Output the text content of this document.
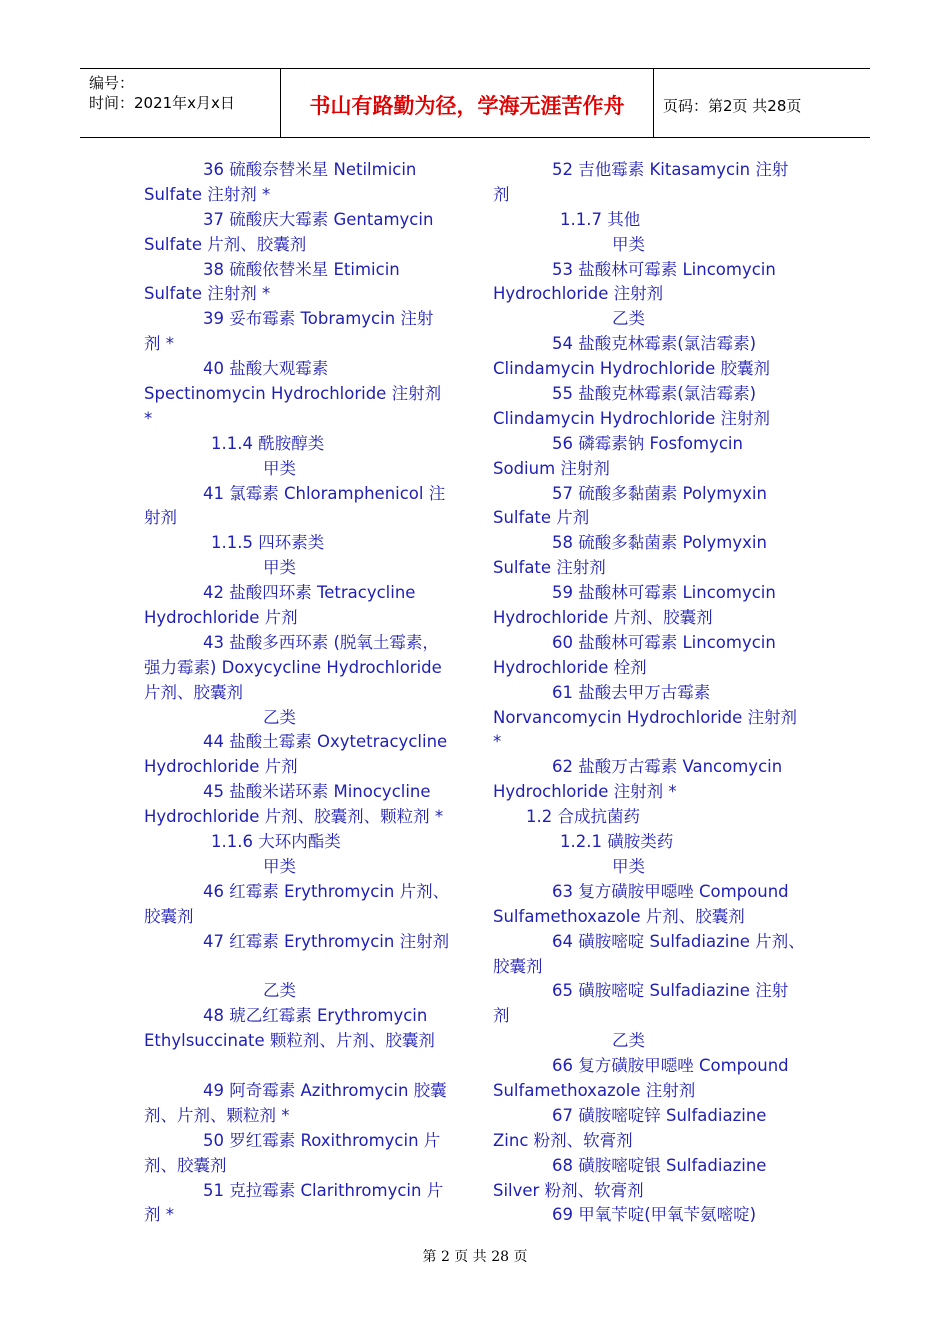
编号：
时间：2021年x月x日	书山有路勤为径，学海无涯苦作舟	页码：第2页 共28页
36 硫酸奈替米星 Netilmicin
Sulfate 注射剂 *
37 硫酸庆大霉素 Gentamycin
Sulfate 片剂、胶囊剂
38 硫酸依替米星 Etimicin
Sulfate 注射剂 *
39 妥布霉素 Tobramycin 注射
剂 *
40 盐酸大观霉素
Spectinomycin Hydrochloride 注射剂
*
1.1.4 酰胺醇类
甲类
41 氯霉素 Chloramphenicol 注
射剂
1.1.5 四环素类
甲类
42 盐酸四环素 Tetracycline
Hydrochloride 片剂
43 盐酸多西环素 (脱氧土霉素，
强力霉素) Doxycycline Hydrochloride
片剂、胶囊剂
乙类
44 盐酸土霉素 Oxytetracycline
Hydrochloride 片剂
45 盐酸米诺环素 Minocycline
Hydrochloride 片剂、胶囊剂、颗粒剂 *
1.1.6 大环内酯类
甲类
46 红霉素 Erythromycin 片剂、
胶囊剂
47 红霉素 Erythromycin 注射剂
乙类
48 琥乙红霉素 Erythromycin
Ethylsuccinate 颗粒剂、片剂、胶囊剂
49 阿奇霉素 Azithromycin 胶囊
剂、片剂、颗粒剂 *
50 罗红霉素 Roxithromycin 片
剂、胶囊剂
51 克拉霉素 Clarithromycin 片
剂 *
52 吉他霉素 Kitasamycin 注射
剂
1.1.7 其他
甲类
53 盐酸林可霉素 Lincomycin
Hydrochloride 注射剂
乙类
54 盐酸克林霉素(氯洁霉素)
Clindamycin Hydrochloride 胶囊剂
55 盐酸克林霉素(氯洁霉素)
Clindamycin Hydrochloride 注射剂
56 磷霉素钠 Fosfomycin
Sodium 注射剂
57 硫酸多黏菌素 Polymyxin
Sulfate 片剂
58 硫酸多黏菌素 Polymyxin
Sulfate 注射剂
59 盐酸林可霉素 Lincomycin
Hydrochloride 片剂、胶囊剂
60 盐酸林可霉素 Lincomycin
Hydrochloride 栓剂
61 盐酸去甲万古霉素
Norvancomycin Hydrochloride 注射剂
*
62 盐酸万古霉素 Vancomycin
Hydrochloride 注射剂 *
1.2 合成抗菌药
1.2.1 磺胺类药
甲类
63 复方磺胺甲噁唑 Compound
Sulfamethoxazole 片剂、胶囊剂
64 磺胺嘧啶 Sulfadiazine 片剂、
胶囊剂
65 磺胺嘧啶 Sulfadiazine 注射
剂
乙类
66 复方磺胺甲噁唑 Compound
Sulfamethoxazole 注射剂
67 磺胺嘧啶锌 Sulfadiazine
Zinc 粉剂、软膏剂
68 磺胺嘧啶银 Sulfadiazine
Silver 粉剂、软膏剂
69 甲氧苄啶(甲氧苄氨嘧啶)
第 2 页 共 28 页
